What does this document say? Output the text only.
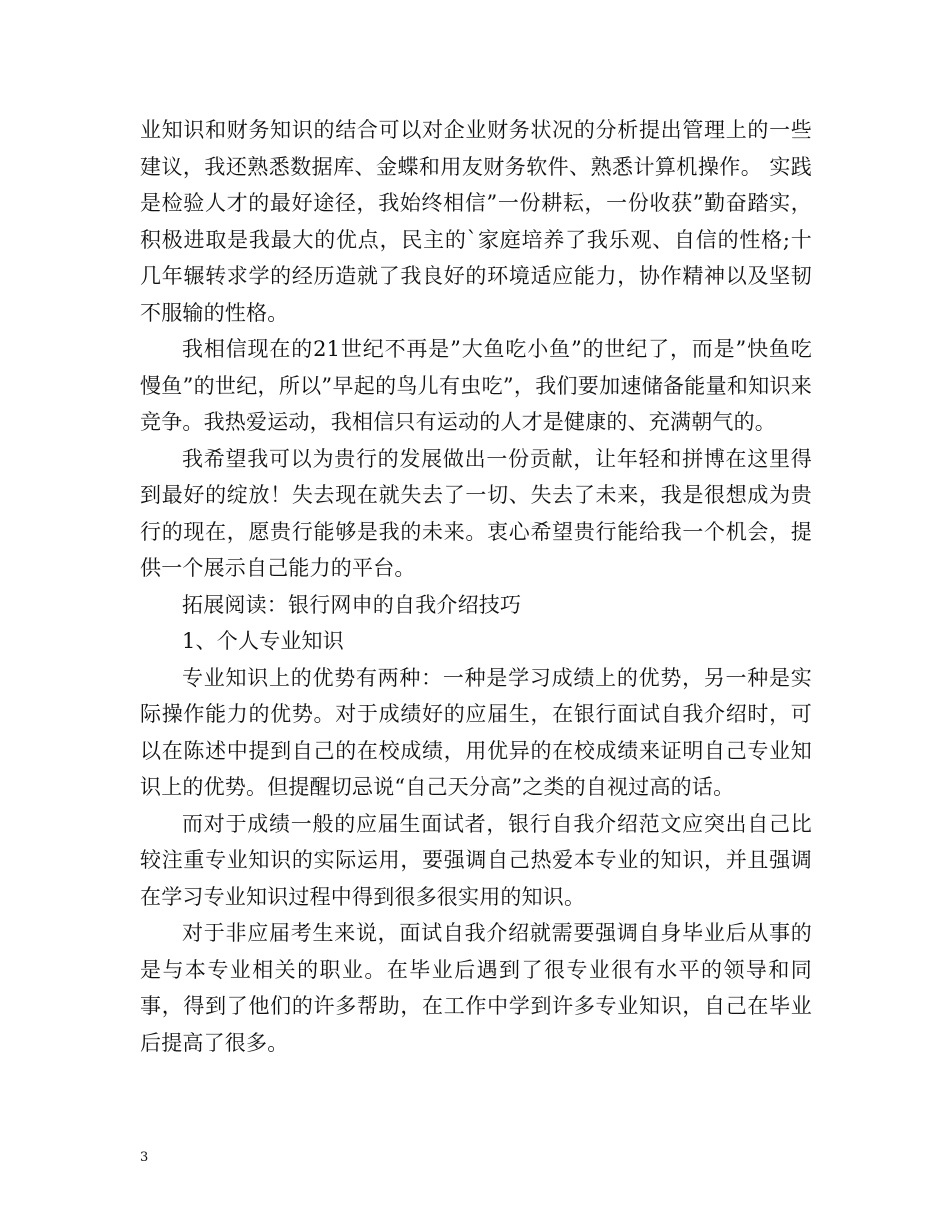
业知识和财务知识的结合可以对企业财务状况的分析提出管理上的一些建议，我还熟悉数据库、金蝶和用友财务软件、熟悉计算机操作。 实践是检验人才的最好途径，我始终相信”一份耕耘，一份收获”勤奋踏实，积极进取是我最大的优点，民主的`家庭培养了我乐观、自信的性格;十几年辗转求学的经历造就了我良好的环境适应能力，协作精神以及坚韧不服输的性格。

我相信现在的21世纪不再是”大鱼吃小鱼”的世纪了，而是”快鱼吃慢鱼”的世纪，所以”早起的鸟儿有虫吃”，我们要加速储备能量和知识来竞争。我热爱运动，我相信只有运动的人才是健康的、充满朝气的。

我希望我可以为贵行的发展做出一份贡献，让年轻和拼博在这里得到最好的绽放！失去现在就失去了一切、失去了未来，我是很想成为贵行的现在，愿贵行能够是我的未来。衷心希望贵行能给我一个机会，提供一个展示自己能力的平台。

拓展阅读：银行网申的自我介绍技巧

1、个人专业知识

专业知识上的优势有两种：一种是学习成绩上的优势，另一种是实际操作能力的优势。对于成绩好的应届生，在银行面试自我介绍时，可以在陈述中提到自己的在校成绩，用优异的在校成绩来证明自己专业知识上的优势。但提醒切忌说“自己天分高”之类的自视过高的话。

而对于成绩一般的应届生面试者，银行自我介绍范文应突出自己比较注重专业知识的实际运用，要强调自己热爱本专业的知识，并且强调在学习专业知识过程中得到很多很实用的知识。

对于非应届考生来说，面试自我介绍就需要强调自身毕业后从事的是与本专业相关的职业。在毕业后遇到了很专业很有水平的领导和同事，得到了他们的许多帮助，在工作中学到许多专业知识，自己在毕业后提高了很多。

3
